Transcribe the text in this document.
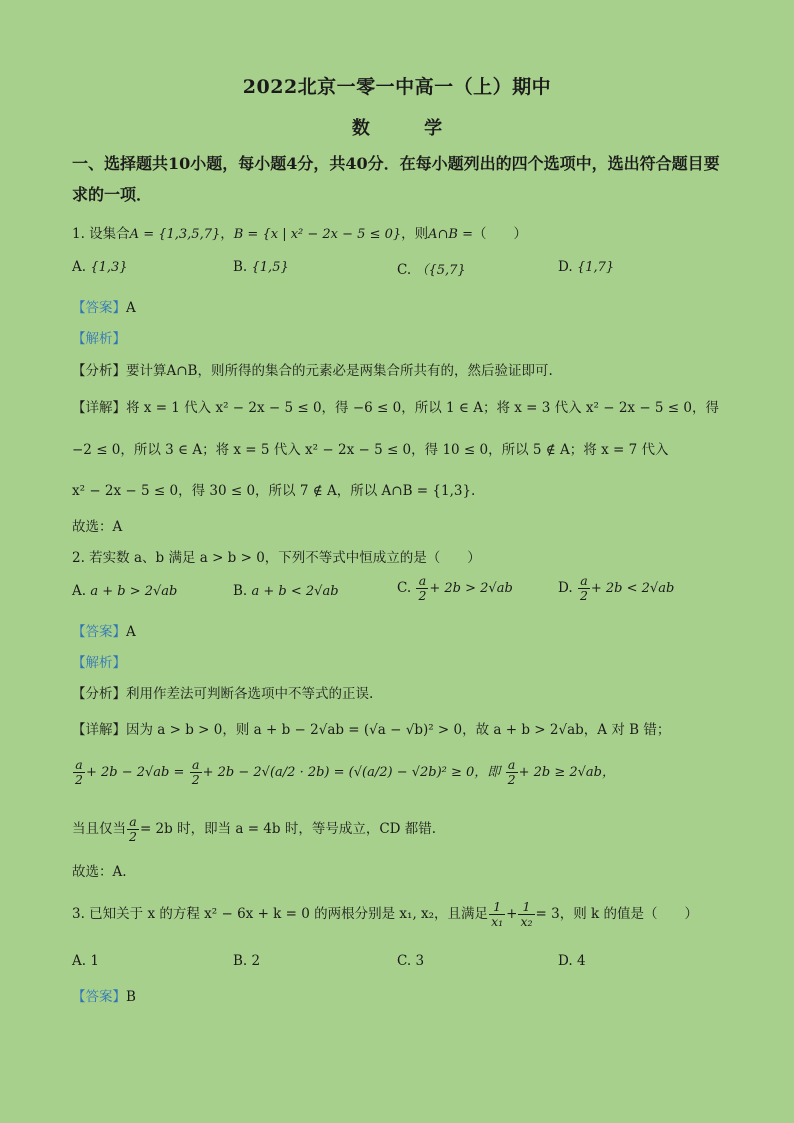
2022北京一零一中高一（上）期中
数 学
一、选择题共10小题，每小题4分，共40分．在每小题列出的四个选项中，选出符合题目要求的一项．
1. 设集合A = {1,3,5,7}，B = {x | x² − 2x − 5 ≤ 0}，则A∩B =（　　）
A. {1,3}	B. {1,5}	C. （{5,7}	D. {1,7}
【答案】A
【解析】
【分析】要计算A∩B，则所得的集合的元素必是两集合所共有的，然后验证即可.
【详解】将 x = 1 代入 x² − 2x − 5 ≤ 0，得 −6 ≤ 0，所以 1 ∈ A；将 x = 3 代入 x² − 2x − 5 ≤ 0，得
−2 ≤ 0，所以 3 ∈ A；将 x = 5 代入 x² − 2x − 5 ≤ 0，得 10 ≤ 0，所以 5 ∉ A；将 x = 7 代入
x² − 2x − 5 ≤ 0，得 30 ≤ 0，所以 7 ∉ A，所以 A∩B = {1,3}.
故选：A
2. 若实数 a、b 满足 a > b > 0，下列不等式中恒成立的是（　　）
A. a + b > 2√ab	B. a + b < 2√ab	C. $\frac{a}{2} + 2b > 2√ab$	D. $\frac{a}{2} + 2b < 2√ab$
【答案】A
【解析】
【分析】利用作差法可判断各选项中不等式的正误.
【详解】因为 a > b > 0，则 a + b − 2√ab = (√a − √b)² > 0，故 a + b > 2√ab，A 对 B 错；
$\frac{a}{2} + 2b - 2√ab = \frac{a}{2} + 2b - 2√(a/2 \cdot 2b) = (√(a/2) - √2b)^2 \ge 0$，即 $\frac{a}{2} + 2b \ge 2√ab$，
当且仅当 $\frac{a}{2} = 2b$ 时，即当 a = 4b 时，等号成立，CD 都错.
故选：A.
3. 已知关于 x 的方程 x² − 6x + k = 0 的两根分别是 x₁, x₂，且满足 $\frac{1}{\text{x₁}} + \frac{1}{\text{x₂}} = 3$，则 k 的值是（　　）
A. 1	B. 2	C. 3	D. 4
【答案】B
